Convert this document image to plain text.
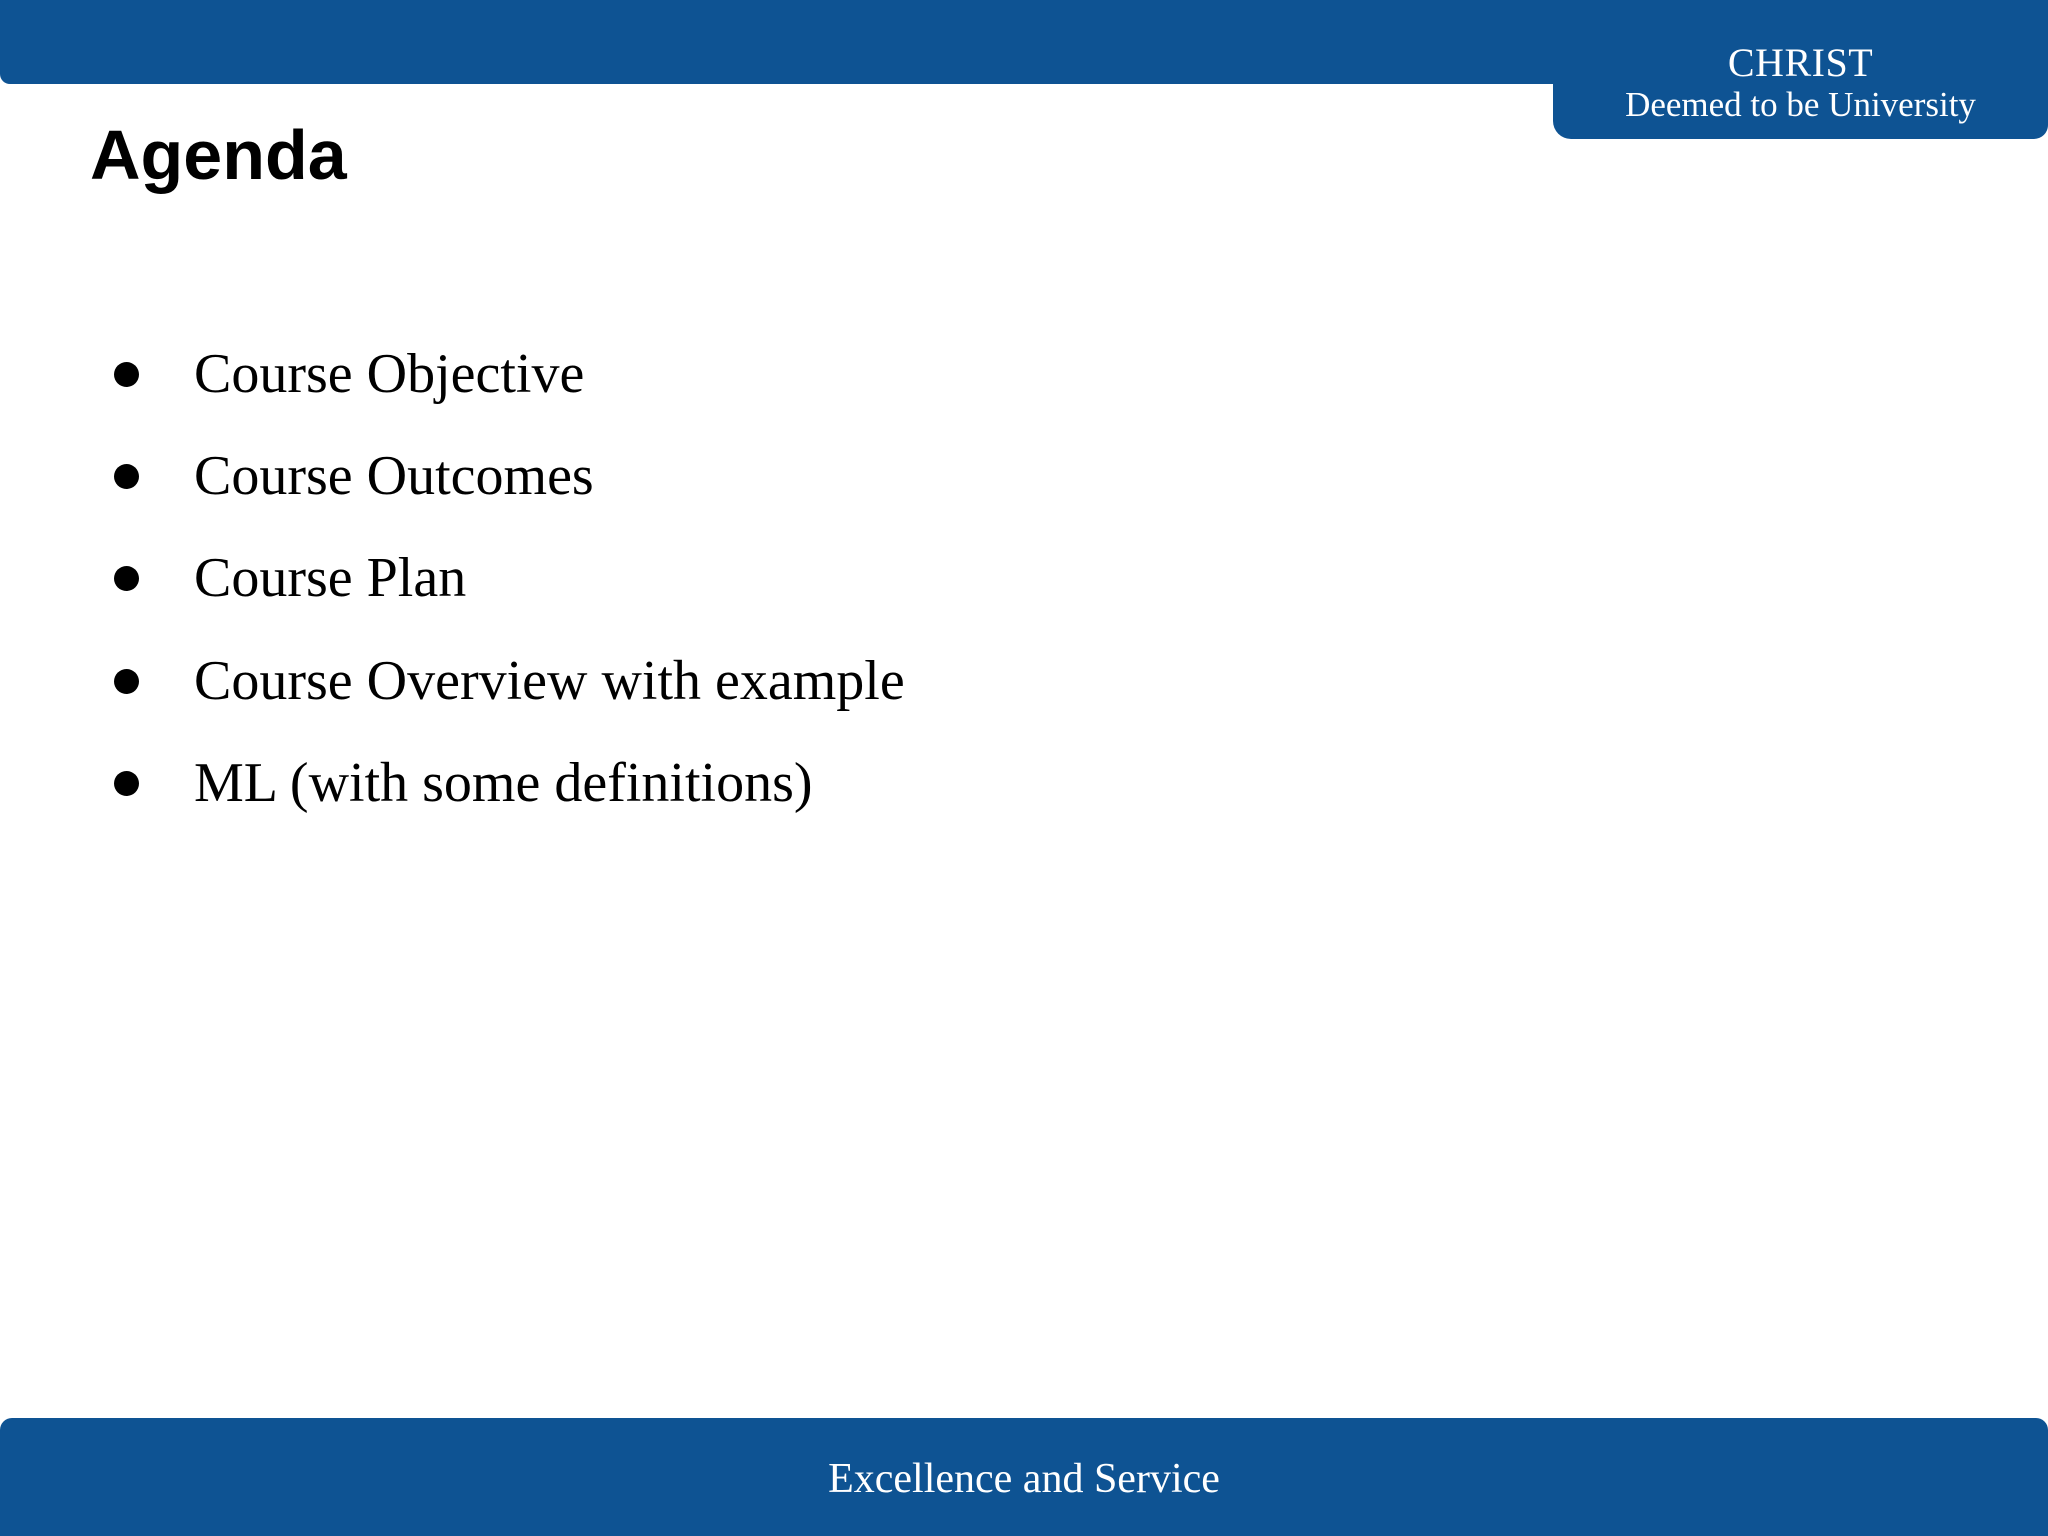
CHRIST
Deemed to be University
Agenda
Course Objective
Course Outcomes
Course Plan
Course Overview with example
ML (with some definitions)
Excellence and Service
